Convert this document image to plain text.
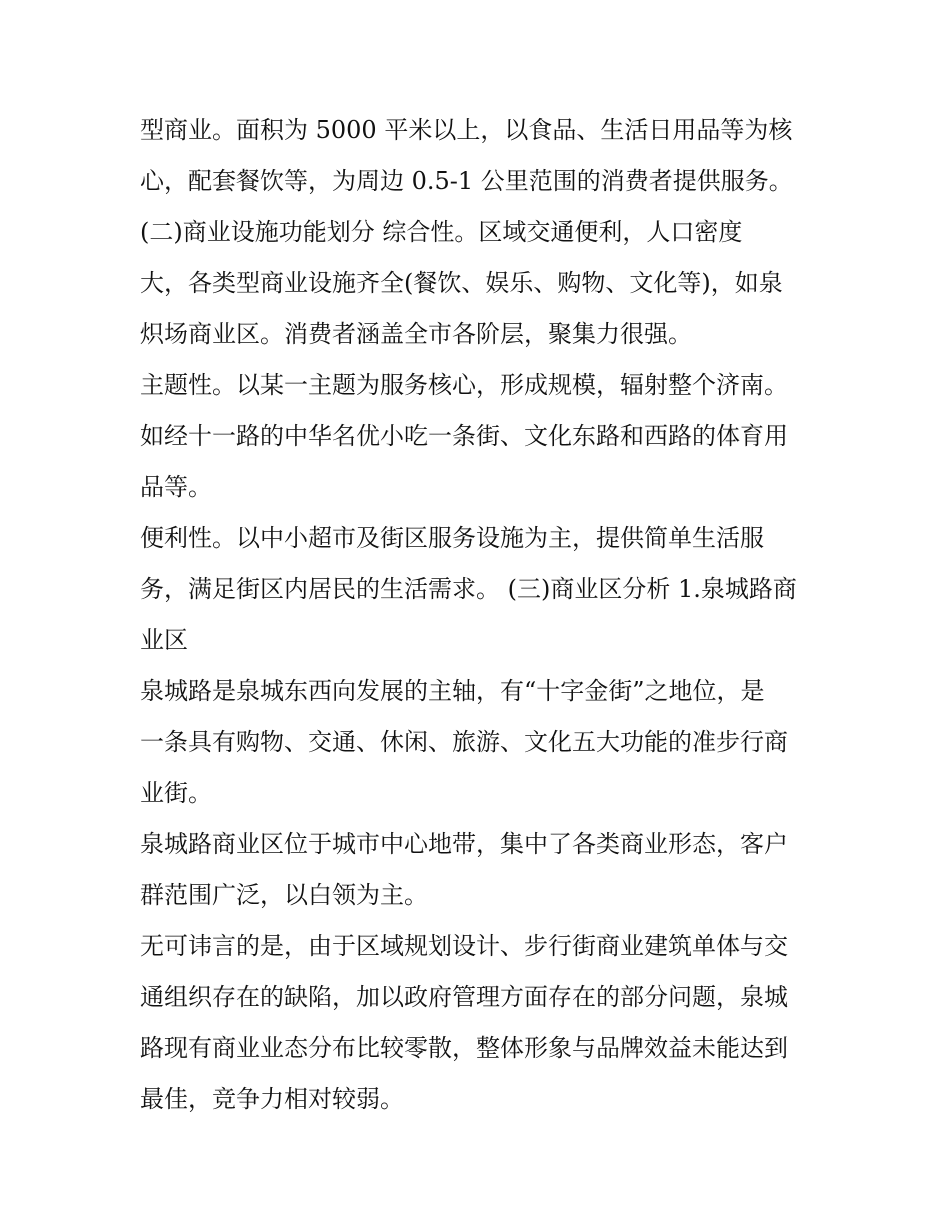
型商业。面积为 5000 平米以上，以食品、生活日用品等为核
心，配套餐饮等，为周边 0.5-1 公里范围的消费者提供服务。
(二)商业设施功能划分 综合性。区域交通便利，人口密度
大，各类型商业设施齐全(餐饮、娱乐、购物、文化等)，如泉
炽场商业区。消费者涵盖全市各阶层，聚集力很强。
主题性。以某一主题为服务核心，形成规模，辐射整个济南。
如经十一路的中华名优小吃一条街、文化东路和西路的体育用
品等。
便利性。以中小超市及街区服务设施为主，提供简单生活服
务，满足街区内居民的生活需求。 (三)商业区分析 1.泉城路商
业区
泉城路是泉城东西向发展的主轴，有“十字金街”之地位，是
一条具有购物、交通、休闲、旅游、文化五大功能的准步行商
业街。
泉城路商业区位于城市中心地带，集中了各类商业形态，客户
群范围广泛，以白领为主。
无可讳言的是，由于区域规划设计、步行街商业建筑单体与交
通组织存在的缺陷，加以政府管理方面存在的部分问题，泉城
路现有商业业态分布比较零散，整体形象与品牌效益未能达到
最佳，竞争力相对较弱。
